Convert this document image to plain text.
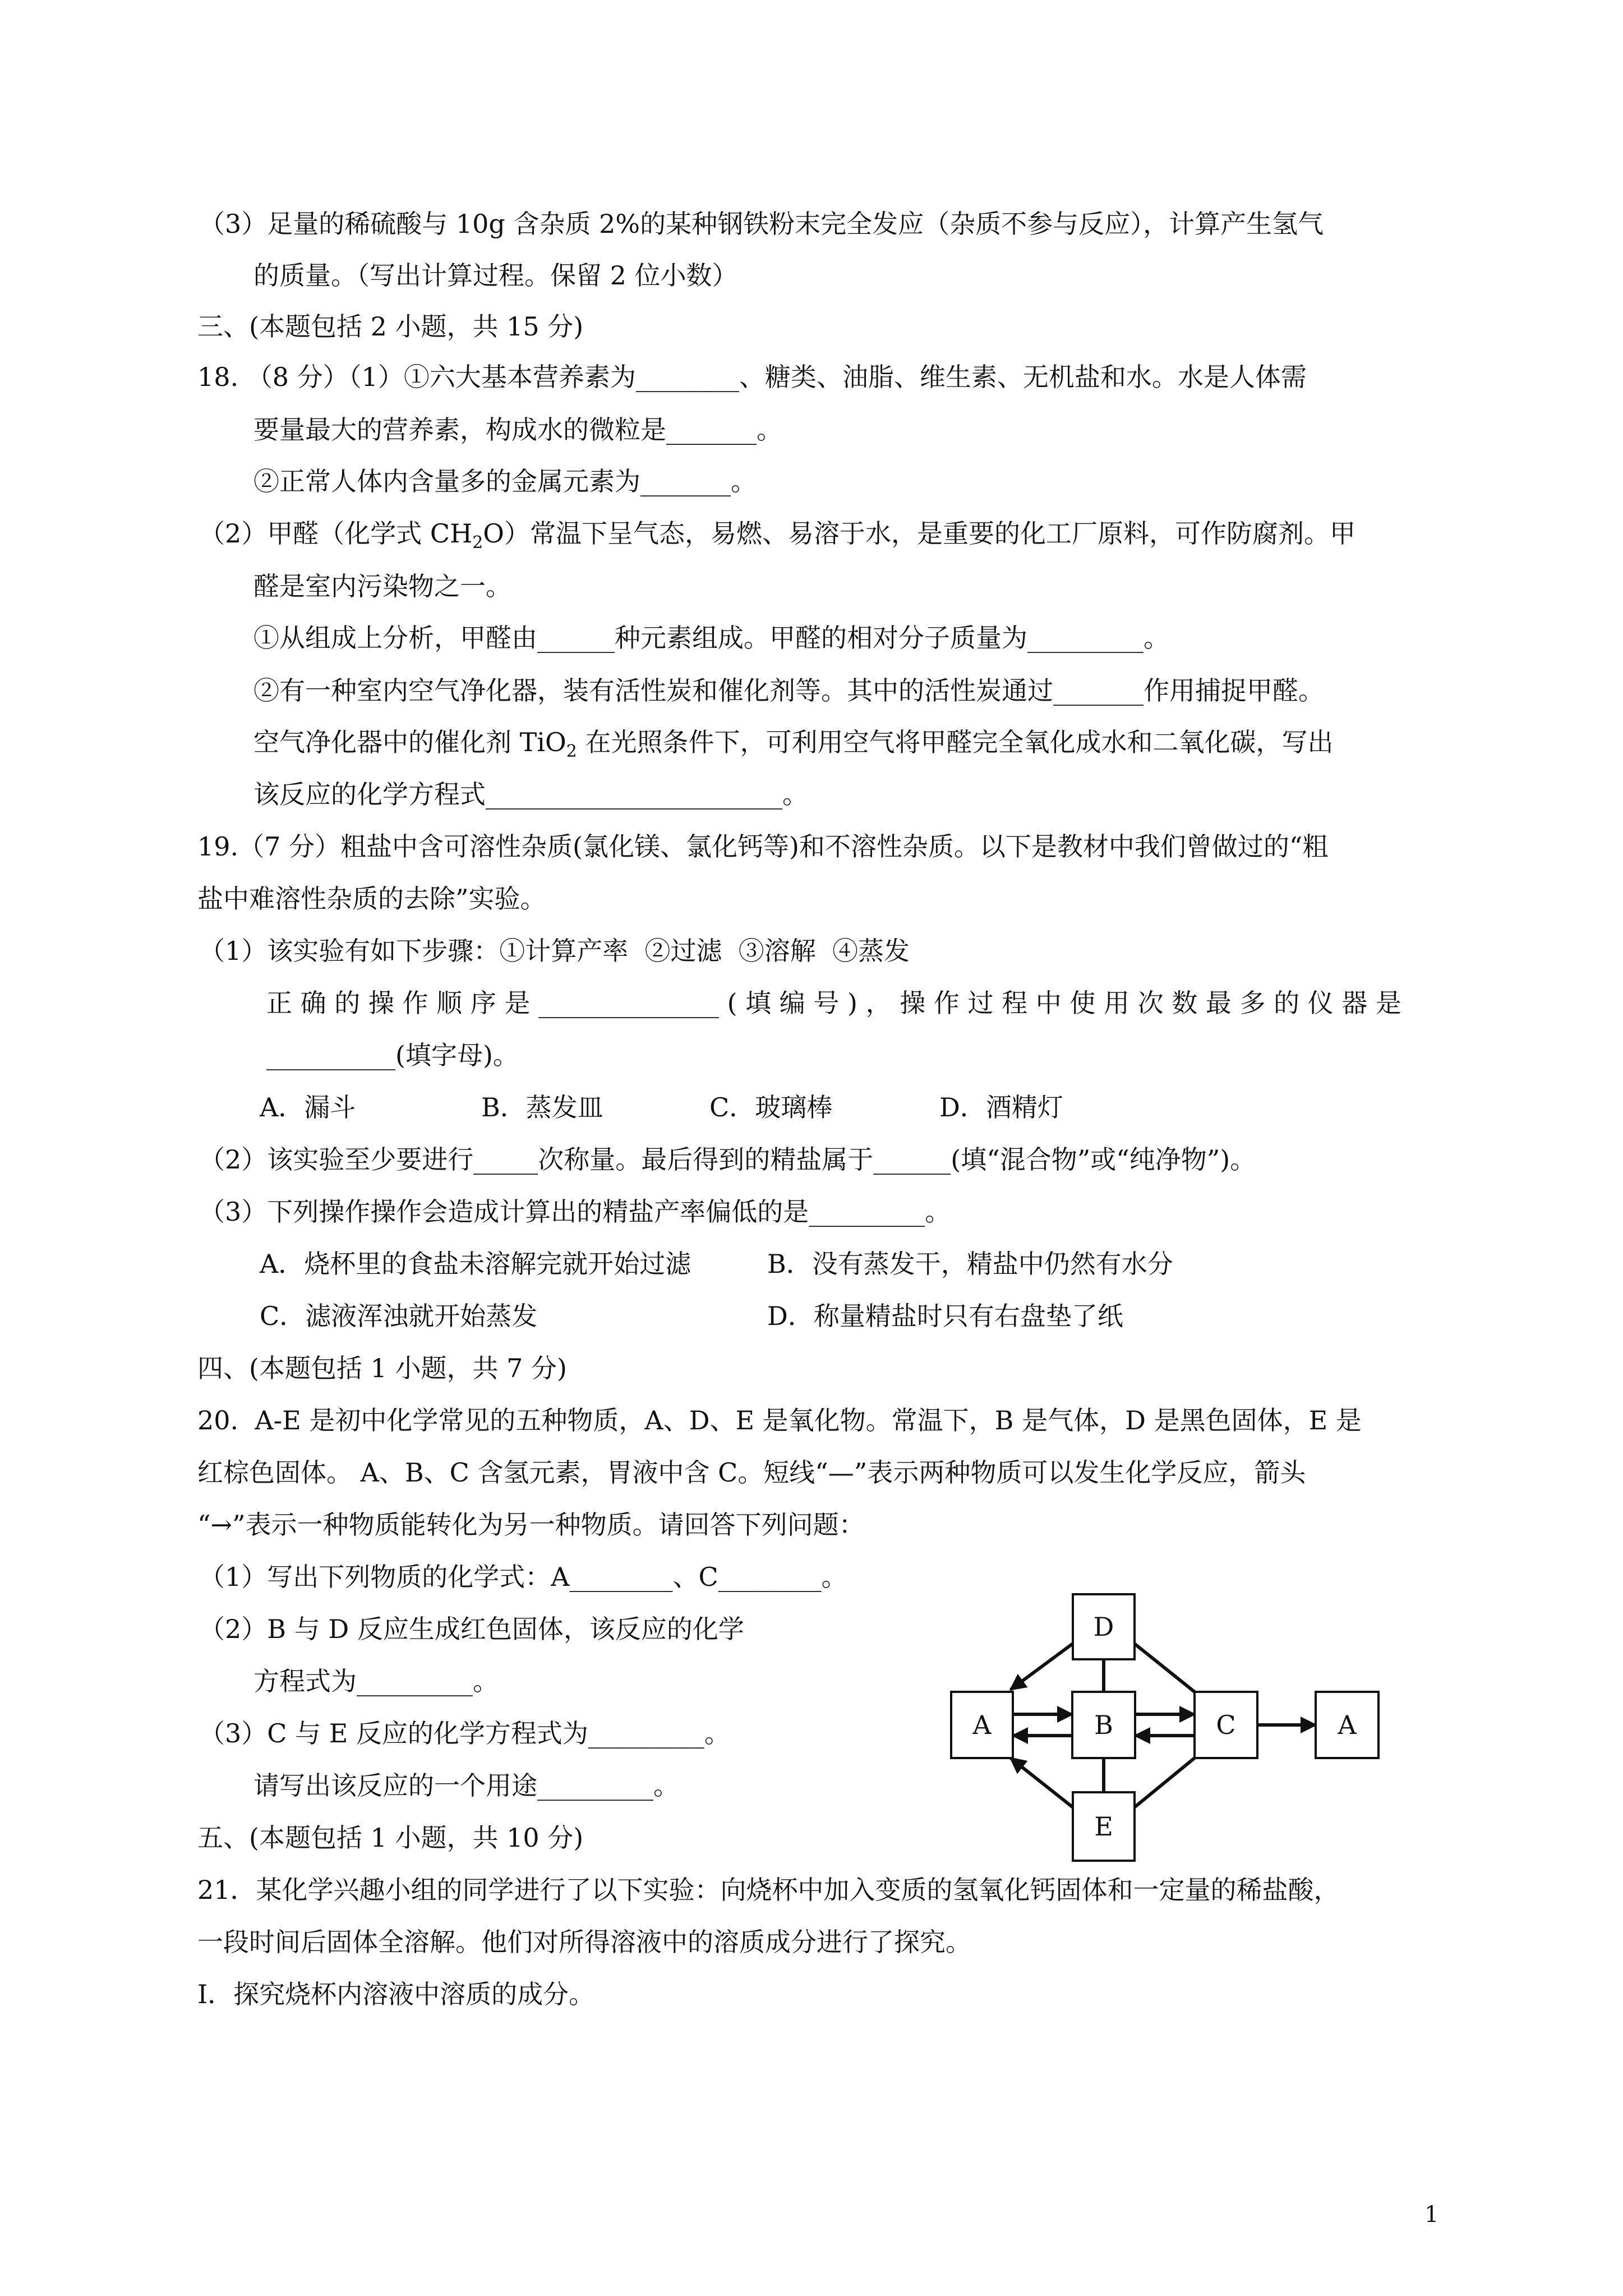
（3）足量的稀硫酸与 10g 含杂质 2%的某种钢铁粉末完全发应（杂质不参与反应），计算产生氢气
的质量。（写出计算过程。保留 2 位小数）
三、(本题包括 2 小题，共 15 分)
18. （8 分）（1）①六大基本营养素为________、糖类、油脂、维生素、无机盐和水。水是人体需
要量最大的营养素，构成水的微粒是_______。
②正常人体内含量多的金属元素为_______。
（2）甲醛（化学式 $CH_2O$）常温下呈气态，易燃、易溶于水，是重要的化工厂原料，可作防腐剂。甲
醛是室内污染物之一。
①从组成上分析，甲醛由______种元素组成。甲醛的相对分子质量为_________。
②有一种室内空气净化器，装有活性炭和催化剂等。其中的活性炭通过_______作用捕捉甲醛。
空气净化器中的催化剂 TiO$_2$ 在光照条件下，可利用空气将甲醛完全氧化成水和二氧化碳，写出
该反应的化学方程式_______________________。
19.（7 分）粗盐中含可溶性杂质(氯化镁、氯化钙等)和不溶性杂质。以下是教材中我们曾做过的“粗
盐中难溶性杂质的去除”实验。
（1）该实验有如下步骤：①计算产率  ②过滤  ③溶解  ④蒸发
正 确 的 操 作 顺 序 是 ______________ ( 填 编 号 ) ， 操 作 过 程 中 使 用 次 数 最 多 的 仪 器 是
__________(填字母)。
A．漏斗	B．蒸发皿	C．玻璃棒	D．酒精灯
（2）该实验至少要进行_____次称量。最后得到的精盐属于______(填“混合物”或“纯净物”)。
（3）下列操作操作会造成计算出的精盐产率偏低的是_________。
A．烧杯里的食盐未溶解完就开始过滤	B．没有蒸发干，精盐中仍然有水分
C．滤液浑浊就开始蒸发	D．称量精盐时只有右盘垫了纸
四、(本题包括 1 小题，共 7 分)
20.  A-E 是初中化学常见的五种物质，A、D、E 是氧化物。常温下，B 是气体，D 是黑色固体，E 是
红棕色固体。 A、B、C 含氢元素，胃液中含 C。短线“—”表示两种物质可以发生化学反应，箭头
“→”表示一种物质能转化为另一种物质。请回答下列问题：
（1）写出下列物质的化学式：A________、C________。
（2）B 与 D 反应生成红色固体，该反应的化学
方程式为_________。
（3）C 与 E 反应的化学方程式为_________。
请写出该反应的一个用途_________。
五、(本题包括 1 小题，共 10 分)
21．某化学兴趣小组的同学进行了以下实验：向烧杯中加入变质的氢氧化钙固体和一定量的稀盐酸，
一段时间后固体全溶解。他们对所得溶液中的溶质成分进行了探究。
Ⅰ．探究烧杯内溶液中溶质的成分。
D
A	B	C	A
E
1
